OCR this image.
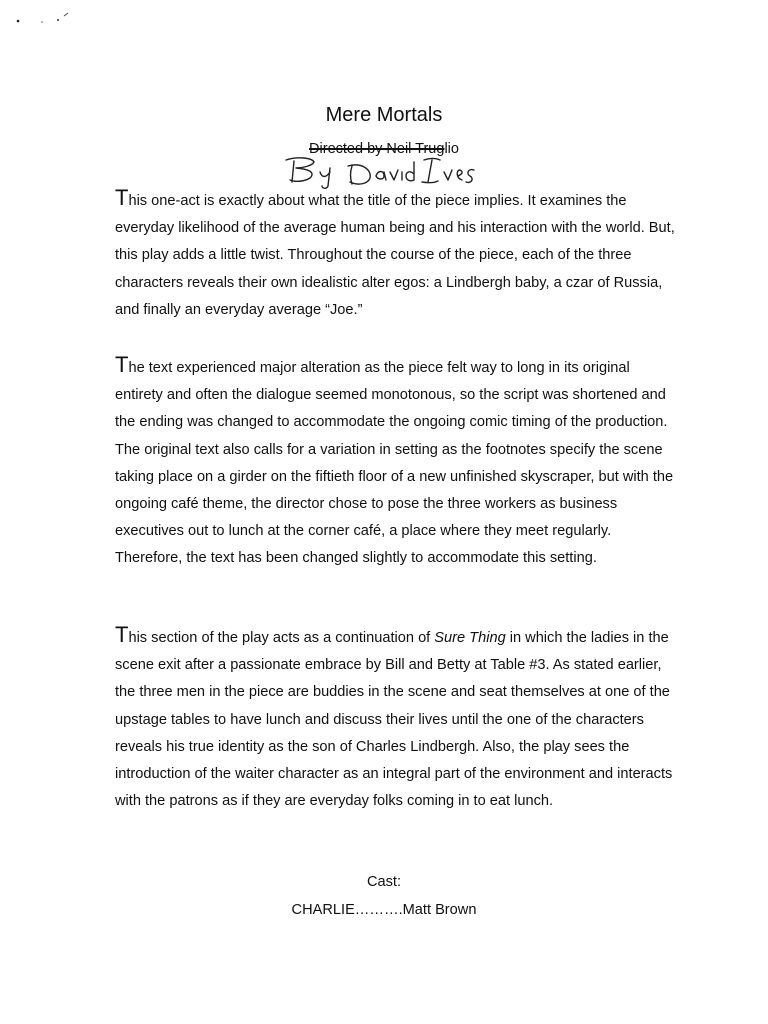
Mere Mortals
Directed by Neil Truglio

This one-act is exactly about what the title of the piece implies. It examines the everyday likelihood of the average human being and his interaction with the world. But, this play adds a little twist. Throughout the course of the piece, each of the three characters reveals their own idealistic alter egos: a Lindbergh baby, a czar of Russia, and finally an everyday average “Joe.”

The text experienced major alteration as the piece felt way to long in its original entirety and often the dialogue seemed monotonous, so the script was shortened and the ending was changed to accommodate the ongoing comic timing of the production. The original text also calls for a variation in setting as the footnotes specify the scene taking place on a girder on the fiftieth floor of a new unfinished skyscraper, but with the ongoing café theme, the director chose to pose the three workers as business executives out to lunch at the corner café, a place where they meet regularly. Therefore, the text has been changed slightly to accommodate this setting.

This section of the play acts as a continuation of Sure Thing in which the ladies in the scene exit after a passionate embrace by Bill and Betty at Table #3. As stated earlier, the three men in the piece are buddies in the scene and seat themselves at one of the upstage tables to have lunch and discuss their lives until the one of the characters reveals his true identity as the son of Charles Lindbergh. Also, the play sees the introduction of the waiter character as an integral part of the environment and interacts with the patrons as if they are everyday folks coming in to eat lunch.

Cast:
CHARLIE……….Matt Brown
